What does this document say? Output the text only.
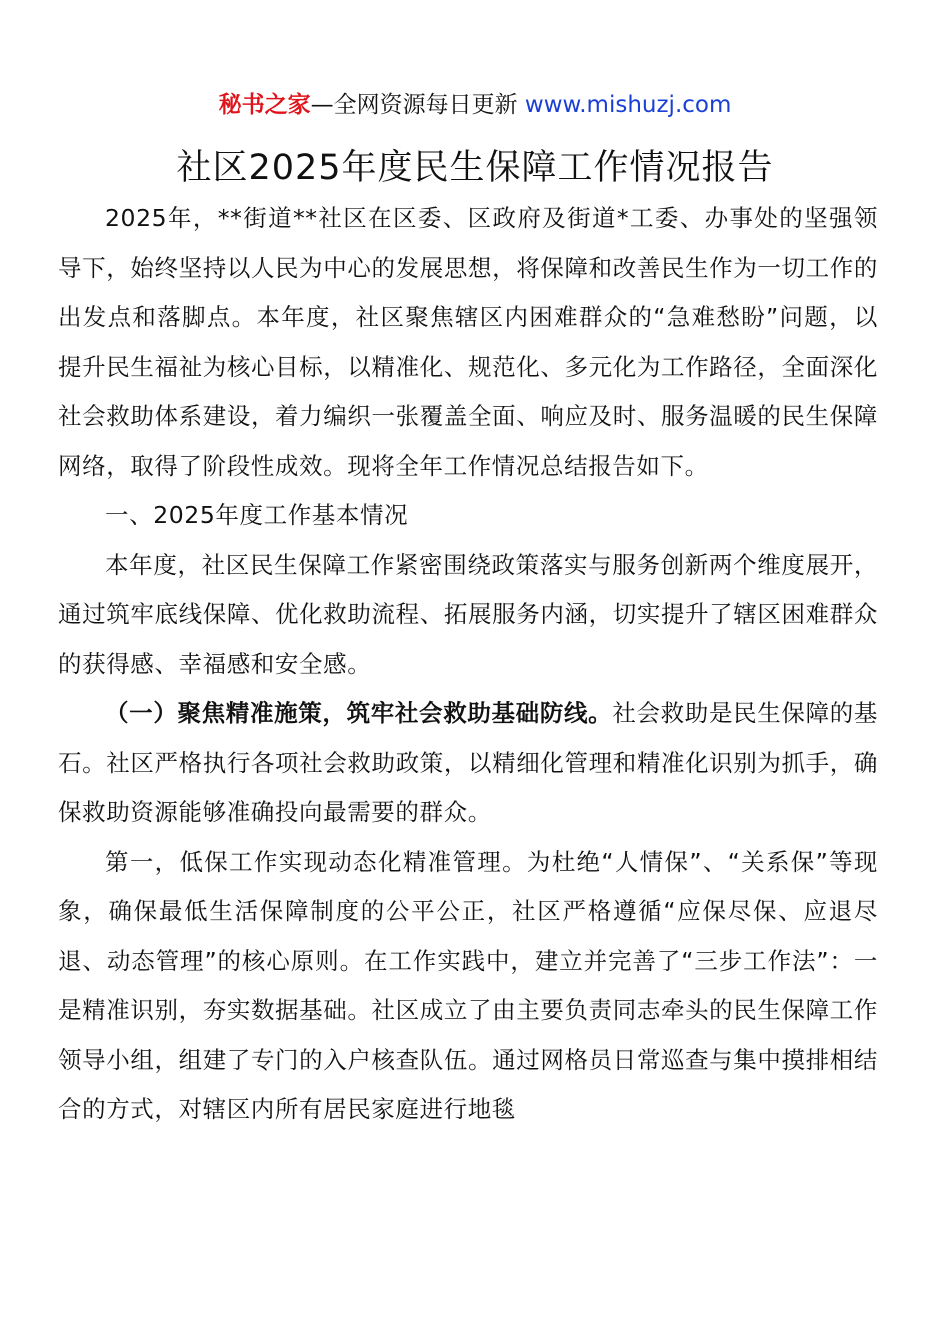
秘书之家—全网资源每日更新 www.mishuzj.com
社区2025年度民生保障工作情况报告

2025年，**街道**社区在区委、区政府及街道*工委、办事处的坚强领导下，始终坚持以人民为中心的发展思想，将保障和改善民生作为一切工作的出发点和落脚点。本年度，社区聚焦辖区内困难群众的“急难愁盼”问题，以提升民生福祉为核心目标，以精准化、规范化、多元化为工作路径，全面深化社会救助体系建设，着力编织一张覆盖全面、响应及时、服务温暖的民生保障网络，取得了阶段性成效。现将全年工作情况总结报告如下。

一、2025年度工作基本情况

本年度，社区民生保障工作紧密围绕政策落实与服务创新两个维度展开，通过筑牢底线保障、优化救助流程、拓展服务内涵，切实提升了辖区困难群众的获得感、幸福感和安全感。

（一）聚焦精准施策，筑牢社会救助基础防线。社会救助是民生保障的基石。社区严格执行各项社会救助政策，以精细化管理和精准化识别为抓手，确保救助资源能够准确投向最需要的群众。

第一，低保工作实现动态化精准管理。为杜绝“人情保”、“关系保”等现象，确保最低生活保障制度的公平公正，社区严格遵循“应保尽保、应退尽退、动态管理”的核心原则。在工作实践中，建立并完善了“三步工作法”：一是精准识别，夯实数据基础。社区成立了由主要负责同志牵头的民生保障工作领导小组，组建了专门的入户核查队伍。通过网格员日常巡查与集中摸排相结合的方式，对辖区内所有居民家庭进行地毯
